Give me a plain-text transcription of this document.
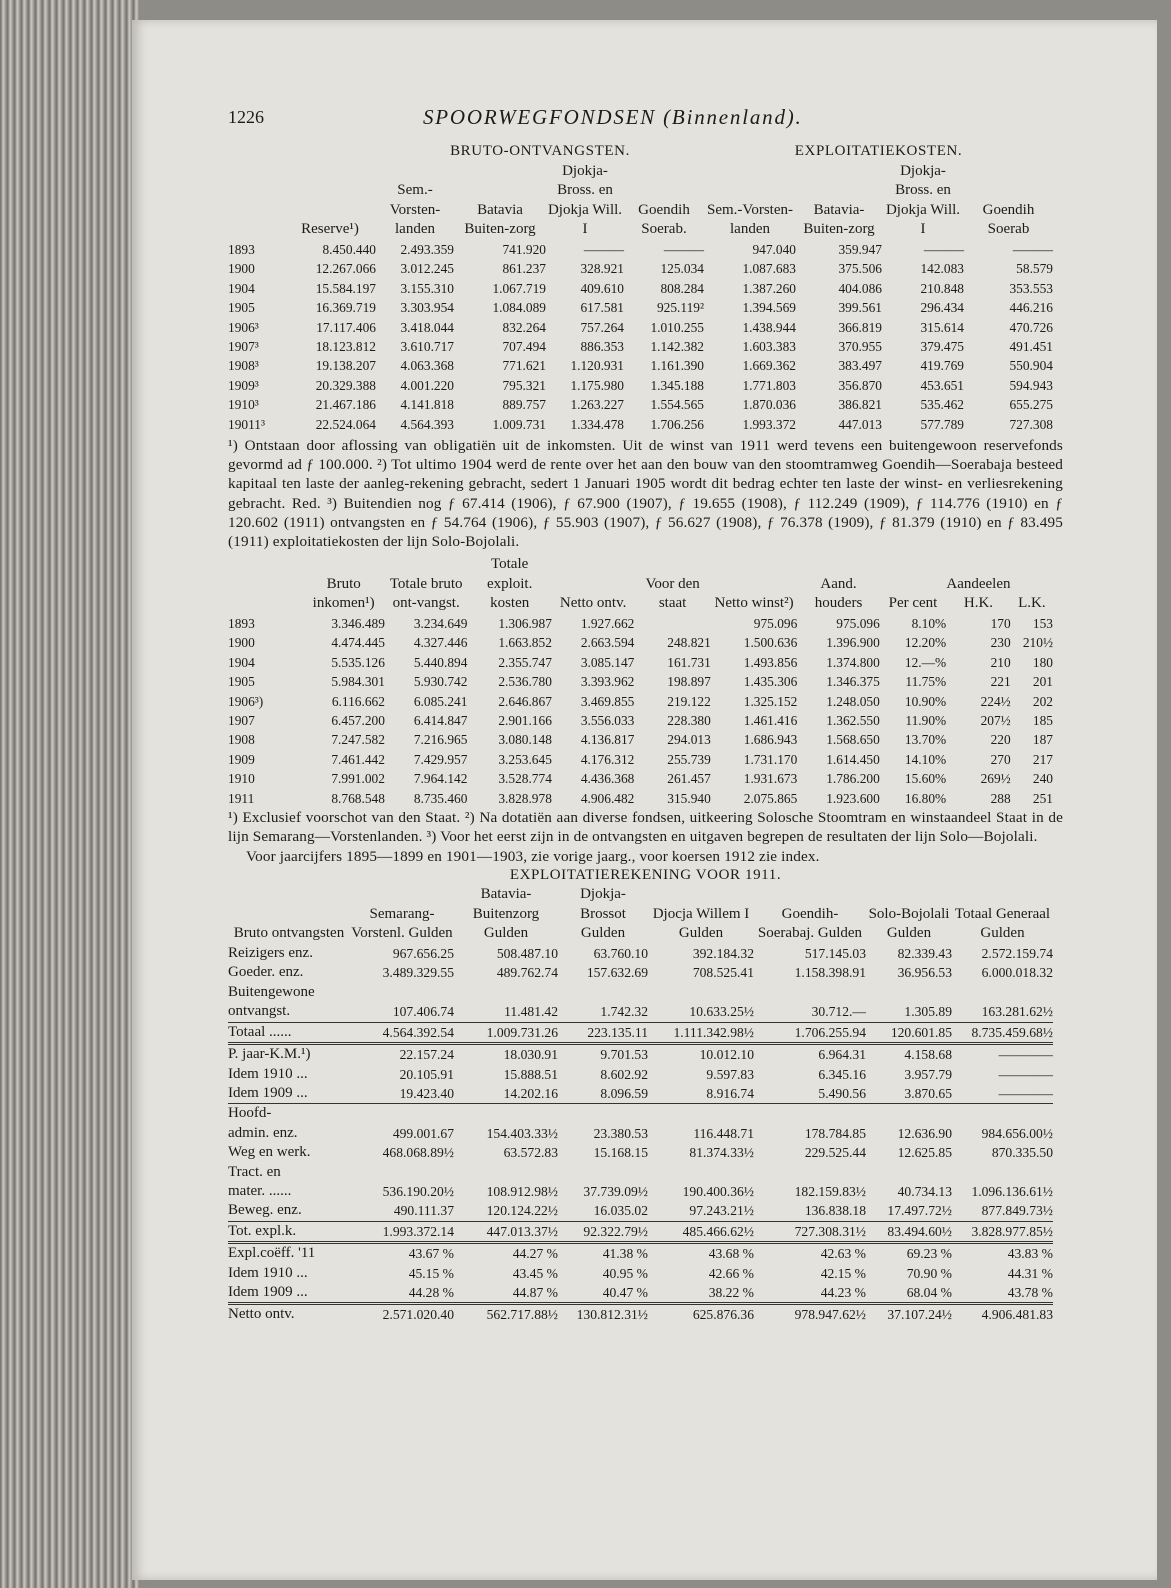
1226	SPOORWEGFONDSEN (Binnenland).
		BRUTO-ONTVANGSTEN.				EXPLOITATIEKOSTEN.			
	Reserve¹)	Sem.-Vorsten-landen	Batavia Buiten-zorg	Djokja-Bross. en Djokja Will. I	Goendih Soerab.	Sem.-Vorsten-landen	Batavia-Buiten-zorg	Djokja-Bross. en Djokja Will. I	Goendih Soerab
1893	8.450.440	2.493.359	741.920	———	———	947.040	359.947	———	———
1900	12.267.066	3.012.245	861.237	328.921	125.034	1.087.683	375.506	142.083	58.579
1904	15.584.197	3.155.310	1.067.719	409.610	808.284	1.387.260	404.086	210.848	353.553
1905	16.369.719	3.303.954	1.084.089	617.581	925.119²	1.394.569	399.561	296.434	446.216
1906³	17.117.406	3.418.044	832.264	757.264	1.010.255	1.438.944	366.819	315.614	470.726
1907³	18.123.812	3.610.717	707.494	886.353	1.142.382	1.603.383	370.955	379.475	491.451
1908³	19.138.207	4.063.368	771.621	1.120.931	1.161.390	1.669.362	383.497	419.769	550.904
1909³	20.329.388	4.001.220	795.321	1.175.980	1.345.188	1.771.803	356.870	453.651	594.943
1910³	21.467.186	4.141.818	889.757	1.263.227	1.554.565	1.870.036	386.821	535.462	655.275
19011³	22.524.064	4.564.393	1.009.731	1.334.478	1.706.256	1.993.372	447.013	577.789	727.308

¹) Ontstaan door aflossing van obligatiën uit de inkomsten. Uit de winst van 1911 werd tevens een buitengewoon reservefonds gevormd ad ƒ 100.000. ²) Tot ultimo 1904 werd de rente over het aan den bouw van den stoomtramweg Goendih—Soerabaja besteed kapitaal ten laste der aanleg-rekening gebracht, sedert 1 Januari 1905 wordt dit bedrag echter ten laste der winst- en verliesrekening gebracht. Red. ³) Buitendien nog ƒ 67.414 (1906), ƒ 67.900 (1907), ƒ 19.655 (1908), ƒ 112.249 (1909), ƒ 114.776 (1910) en ƒ 120.602 (1911) ontvangsten en ƒ 54.764 (1906), ƒ 55.903 (1907), ƒ 56.627 (1908), ƒ 76.378 (1909), ƒ 81.379 (1910) en ƒ 83.495 (1911) exploitatiekosten der lijn Solo-Bojolali.

	Bruto inkomen¹)	Totale bruto ont-vangst.	Totale exploit. kosten	Netto ontv.	Voor den staat	Netto winst²)	Aand. houders	Per cent	Aandeelen H.K.	L.K.
1893	3.346.489	3.234.649	1.306.987	1.927.662		975.096	975.096	8.10%	170	153
1900	4.474.445	4.327.446	1.663.852	2.663.594	248.821	1.500.636	1.396.900	12.20%	230	210½
1904	5.535.126	5.440.894	2.355.747	3.085.147	161.731	1.493.856	1.374.800	12.—%	210	180
1905	5.984.301	5.930.742	2.536.780	3.393.962	198.897	1.435.306	1.346.375	11.75%	221	201
1906³)	6.116.662	6.085.241	2.646.867	3.469.855	219.122	1.325.152	1.248.050	10.90%	224½	202
1907	6.457.200	6.414.847	2.901.166	3.556.033	228.380	1.461.416	1.362.550	11.90%	207½	185
1908	7.247.582	7.216.965	3.080.148	4.136.817	294.013	1.686.943	1.568.650	13.70%	220	187
1909	7.461.442	7.429.957	3.253.645	4.176.312	255.739	1.731.170	1.614.450	14.10%	270	217
1910	7.991.002	7.964.142	3.528.774	4.436.368	261.457	1.931.673	1.786.200	15.60%	269½	240
1911	8.768.548	8.735.460	3.828.978	4.906.482	315.940	2.075.865	1.923.600	16.80%	288	251

¹) Exclusief voorschot van den Staat. ²) Na dotatiën aan diverse fondsen, uitkeering Solosche Stoomtram en winstaandeel Staat in de lijn Semarang—Vorstenlanden. ³) Voor het eerst zijn in de ontvangsten en uitgaven begrepen de resultaten der lijn Solo—Bojolali.

Voor jaarcijfers 1895—1899 en 1901—1903, zie vorige jaarg., voor koersen 1912 zie index.

EXPLOITATIEREKENING VOOR 1911.
Bruto ontvangsten	Semarang-Vorstenl. Gulden	Batavia-Buitenzorg Gulden	Djokja-Brossot Gulden	Djocja Willem I Gulden	Goendih-Soerabaj. Gulden	Solo-Bojolali Gulden	Totaal Generaal Gulden
Reizigers enz.	967.656.25	508.487.10	63.760.10	392.184.32	517.145.03	82.339.43	2.572.159.74
Goeder. enz.	3.489.329.55	489.762.74	157.632.69	708.525.41	1.158.398.91	36.956.53	6.000.018.32
Buitengewone							
ontvangst.	107.406.74	11.481.42	1.742.32	10.633.25½	30.712.—	1.305.89	163.281.62½
Totaal ......	4.564.392.54	1.009.731.26	223.135.11	1.111.342.98½	1.706.255.94	120.601.85	8.735.459.68½
P. jaar-K.M.¹)	22.157.24	18.030.91	9.701.53	10.012.10	6.964.31	4.158.68	————
Idem 1910 ...	20.105.91	15.888.51	8.602.92	9.597.83	6.345.16	3.957.79	————
Idem 1909 ...	19.423.40	14.202.16	8.096.59	8.916.74	5.490.56	3.870.65	————
Hoofd-							
admin. enz.	499.001.67	154.403.33½	23.380.53	116.448.71	178.784.85	12.636.90	984.656.00½
Weg en werk.	468.068.89½	63.572.83	15.168.15	81.374.33½	229.525.44	12.625.85	870.335.50
Tract. en							
mater. ......	536.190.20½	108.912.98½	37.739.09½	190.400.36½	182.159.83½	40.734.13	1.096.136.61½
Beweg. enz.	490.111.37	120.124.22½	16.035.02	97.243.21½	136.838.18	17.497.72½	877.849.73½
Tot. expl.k.	1.993.372.14	447.013.37½	92.322.79½	485.466.62½	727.308.31½	83.494.60½	3.828.977.85½
Expl.coëff. '11	43.67 %	44.27 %	41.38 %	43.68 %	42.63 %	69.23 %	43.83 %
Idem 1910 ...	45.15 %	43.45 %	40.95 %	42.66 %	42.15 %	70.90 %	44.31 %
Idem 1909 ...	44.28 %	44.87 %	40.47 %	38.22 %	44.23 %	68.04 %	43.78 %
Netto ontv.	2.571.020.40	562.717.88½	130.812.31½	625.876.36	978.947.62½	37.107.24½	4.906.481.83
